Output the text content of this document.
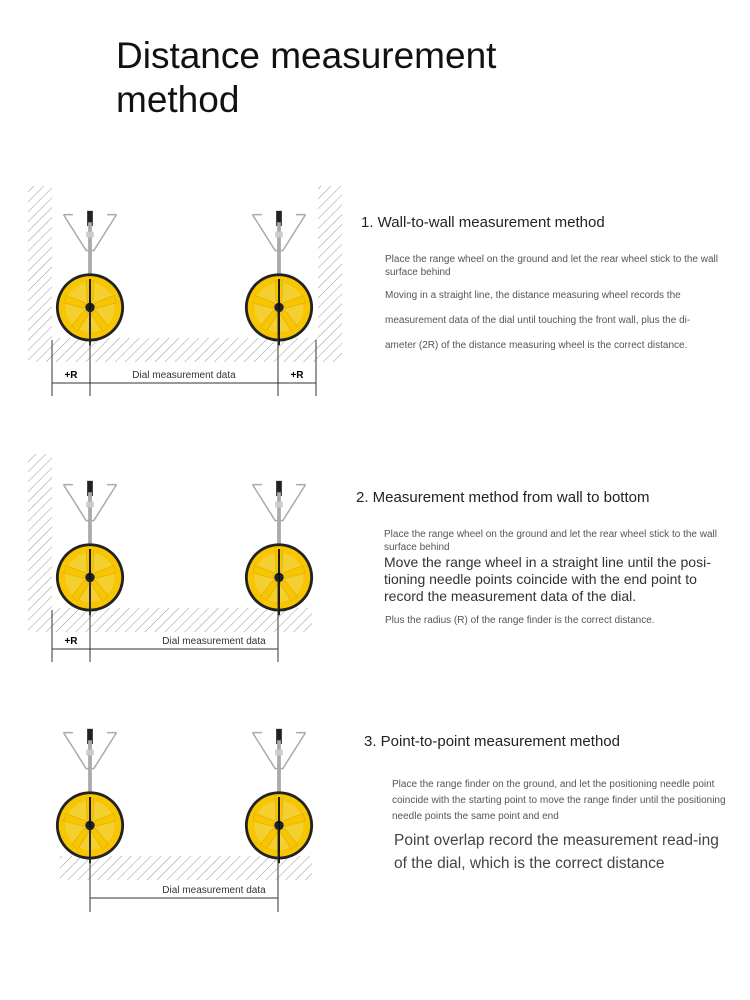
Distance measurement
method
+R	Dial measurement data	+R
1. Wall-to-wall measurement method
Place the range wheel on the ground and let the rear wheel stick to the wall surface behind
Moving in a straight line, the distance measuring wheel records the
measurement data of the dial until touching the front wall, plus the di-
ameter (2R) of the distance measuring wheel is the correct distance.
+R	Dial measurement data
2. Measurement method from wall to bottom
Place the range wheel on the ground and let the rear wheel stick to the wall surface behind
Move the range wheel in a straight line until the posi-tioning needle points coincide with the end point to record the measurement data of the dial.
Plus the radius (R) of the range finder is the correct distance.
Dial measurement data
3. Point-to-point measurement method
Place the range finder on the ground, and let the positioning needle point coincide with the starting point to move the range finder until the positioning needle points the same point and end
Point overlap record the measurement read-ing of the dial, which is the correct distance
